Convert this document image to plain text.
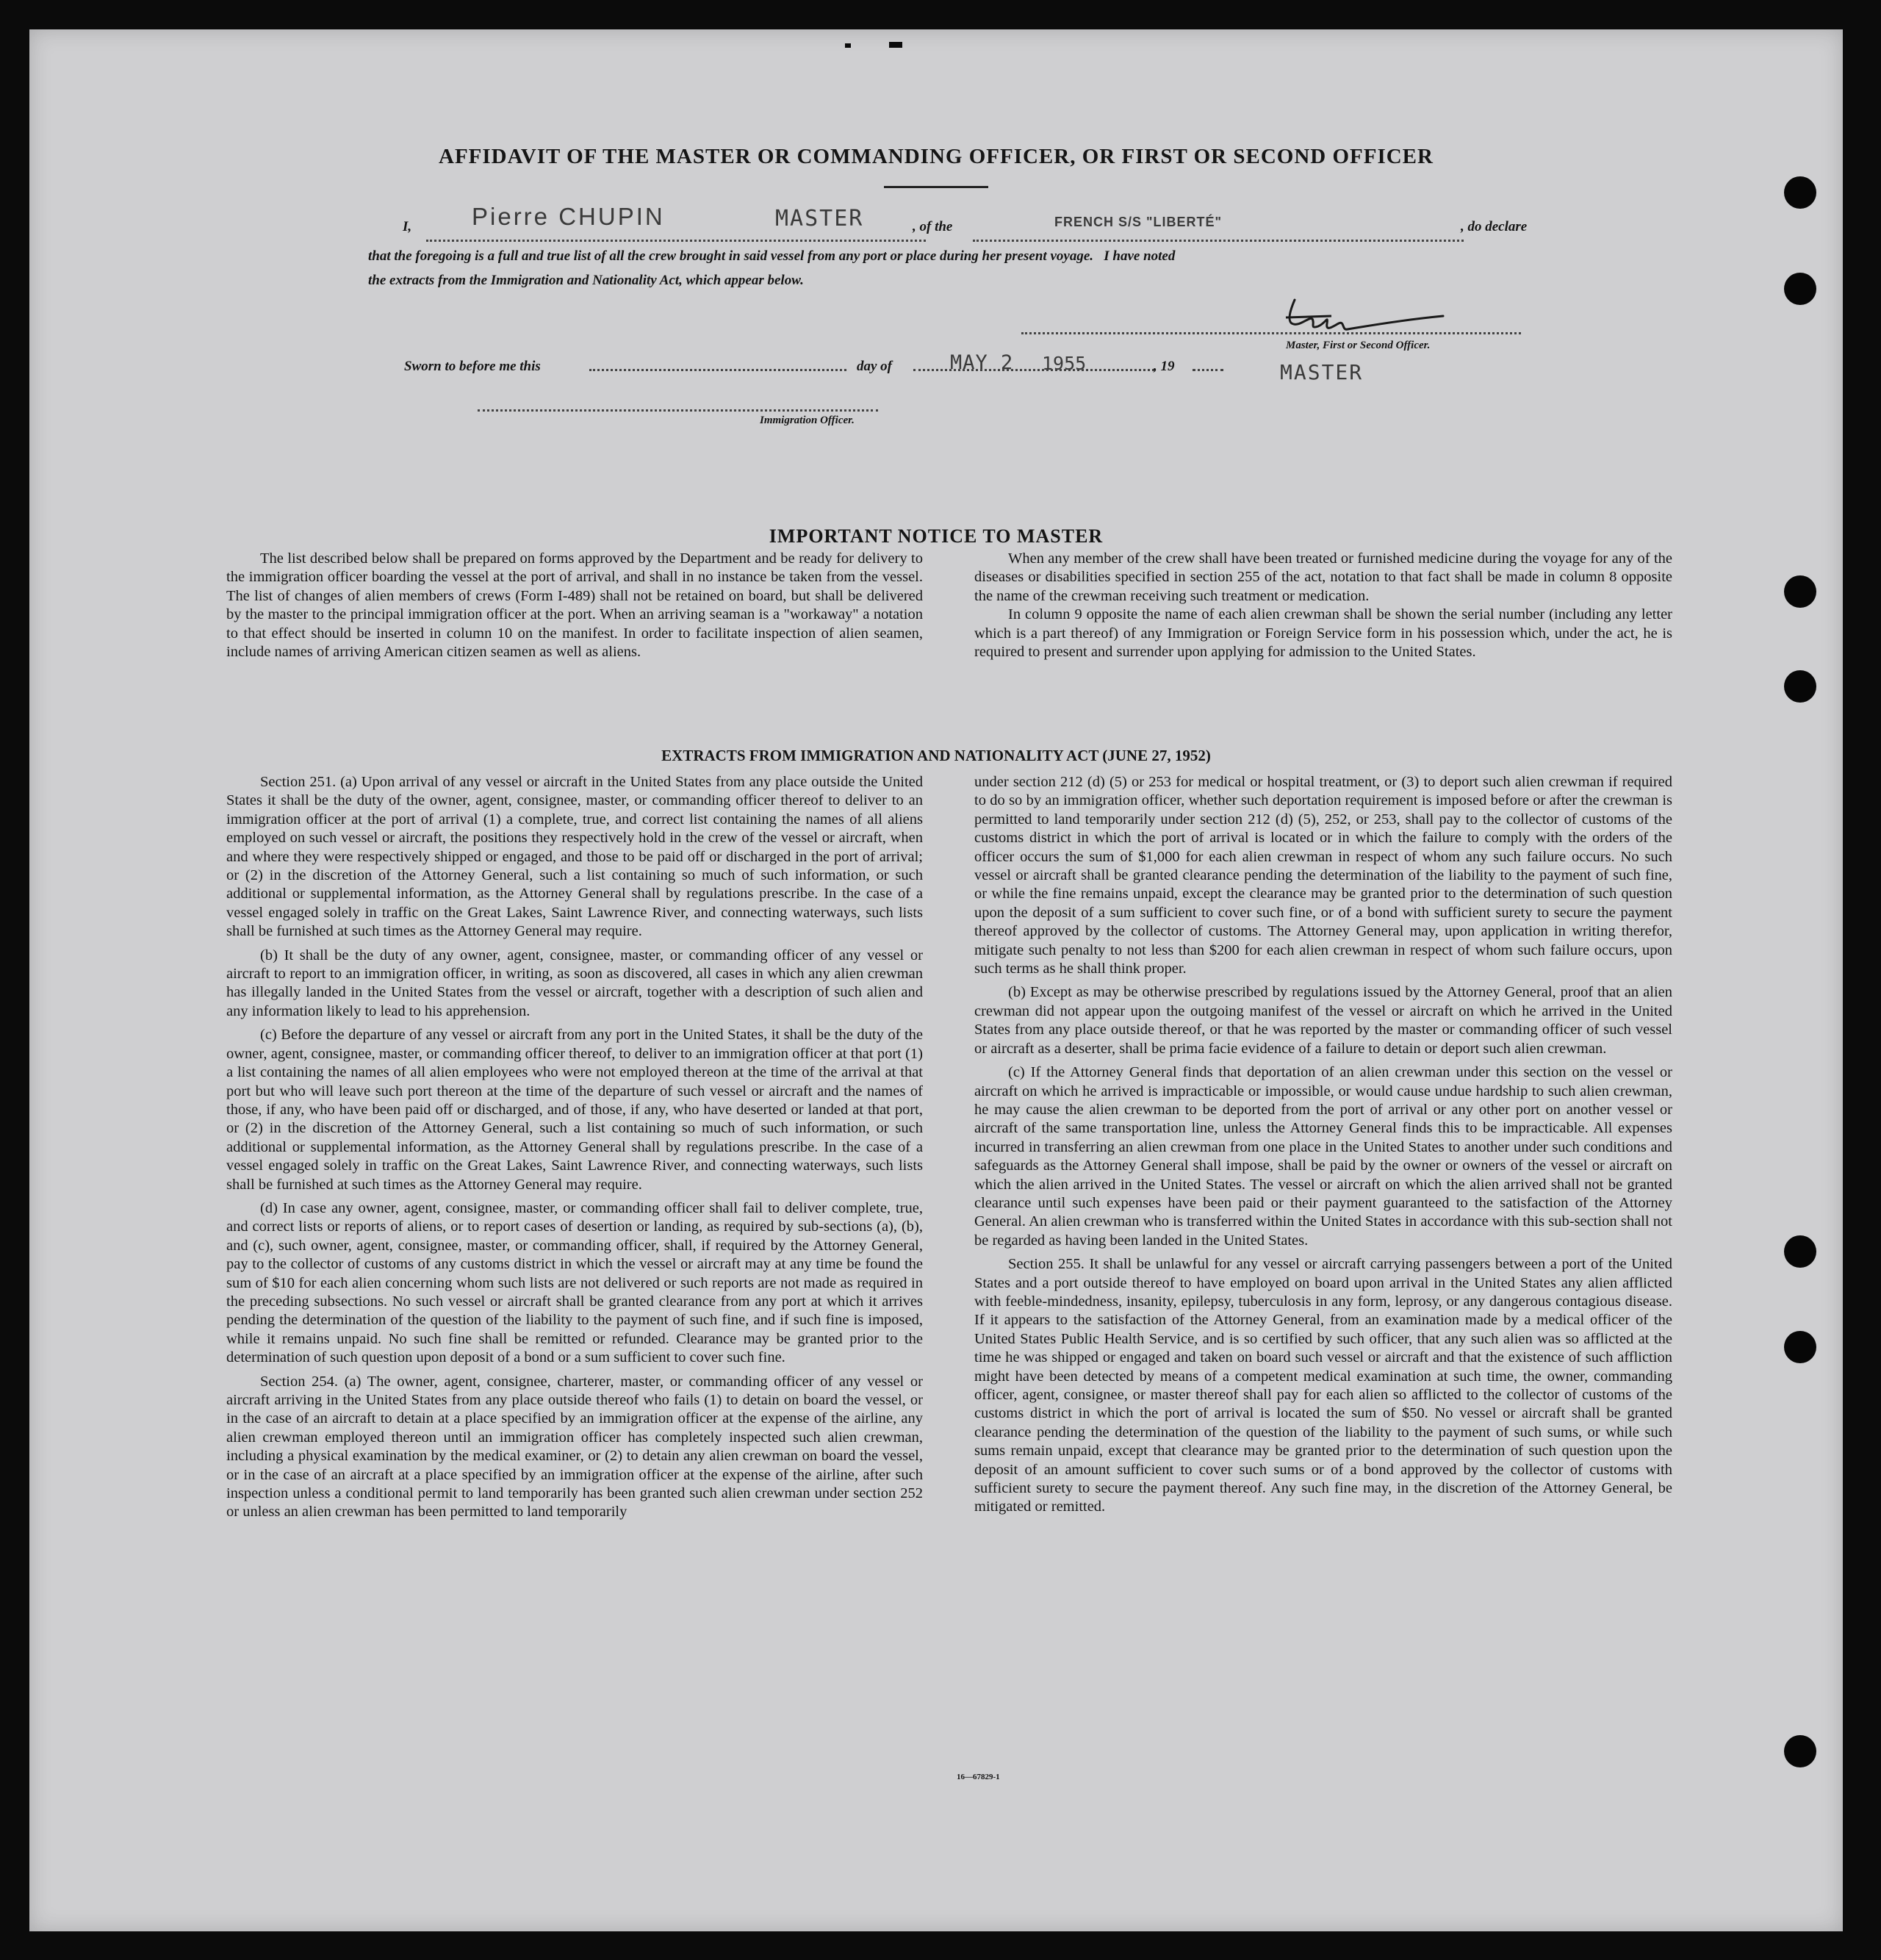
AFFIDAVIT OF THE MASTER OR COMMANDING OFFICER, OR FIRST OR SECOND OFFICER
I, Pierre CHUPIN	MASTER	, of the	FRENCH S/S "LIBERTÉ"	, do declare
that the foregoing is a full and true list of all the crew brought in said vessel from any port or place during her present voyage.   I have noted
the extracts from the Immigration and Nationality Act, which appear below.
Master, First or Second Officer.
MASTER
Sworn to before me this	day of	MAY 2 1955	, 19
Immigration Officer.
IMPORTANT NOTICE TO MASTER

The list described below shall be prepared on forms approved by the Department and be ready for delivery to the immigration officer boarding the vessel at the port of arrival, and shall in no instance be taken from the vessel. The list of changes of alien members of crews (Form I-489) shall not be retained on board, but shall be delivered by the master to the principal immigration officer at the port. When an arriving seaman is a "workaway" a notation to that effect should be inserted in column 10 on the manifest. In order to facilitate inspection of alien seamen, include names of arriving American citizen seamen as well as aliens.

When any member of the crew shall have been treated or furnished medicine during the voyage for any of the diseases or disabilities specified in section 255 of the act, notation to that fact shall be made in column 8 opposite the name of the crewman receiving such treatment or medication.

In column 9 opposite the name of each alien crewman shall be shown the serial number (including any letter which is a part thereof) of any Immigration or Foreign Service form in his possession which, under the act, he is required to present and surrender upon applying for admission to the United States.

EXTRACTS FROM IMMIGRATION AND NATIONALITY ACT (JUNE 27, 1952)

Section 251. (a) Upon arrival of any vessel or aircraft in the United States from any place outside the United States it shall be the duty of the owner, agent, consignee, master, or commanding officer thereof to deliver to an immigration officer at the port of arrival (1) a complete, true, and correct list containing the names of all aliens employed on such vessel or aircraft, the positions they respectively hold in the crew of the vessel or aircraft, when and where they were respectively shipped or engaged, and those to be paid off or discharged in the port of arrival; or (2) in the discretion of the Attorney General, such a list containing so much of such information, or such additional or supplemental information, as the Attorney General shall by regulations prescribe. In the case of a vessel engaged solely in traffic on the Great Lakes, Saint Lawrence River, and connecting waterways, such lists shall be furnished at such times as the Attorney General may require.

(b) It shall be the duty of any owner, agent, consignee, master, or commanding officer of any vessel or aircraft to report to an immigration officer, in writing, as soon as discovered, all cases in which any alien crewman has illegally landed in the United States from the vessel or aircraft, together with a description of such alien and any information likely to lead to his apprehension.

(c) Before the departure of any vessel or aircraft from any port in the United States, it shall be the duty of the owner, agent, consignee, master, or commanding officer thereof, to deliver to an immigration officer at that port (1) a list containing the names of all alien employees who were not employed thereon at the time of the arrival at that port but who will leave such port thereon at the time of the departure of such vessel or aircraft and the names of those, if any, who have been paid off or discharged, and of those, if any, who have deserted or landed at that port, or (2) in the discretion of the Attorney General, such a list containing so much of such information, or such additional or supplemental information, as the Attorney General shall by regulations prescribe. In the case of a vessel engaged solely in traffic on the Great Lakes, Saint Lawrence River, and connecting waterways, such lists shall be furnished at such times as the Attorney General may require.

(d) In case any owner, agent, consignee, master, or commanding officer shall fail to deliver complete, true, and correct lists or reports of aliens, or to report cases of desertion or landing, as required by sub-sections (a), (b), and (c), such owner, agent, consignee, master, or commanding officer, shall, if required by the Attorney General, pay to the collector of customs of any customs district in which the vessel or aircraft may at any time be found the sum of $10 for each alien concerning whom such lists are not delivered or such reports are not made as required in the preceding subsections. No such vessel or aircraft shall be granted clearance from any port at which it arrives pending the determination of the question of the liability to the payment of such fine, and if such fine is imposed, while it remains unpaid. No such fine shall be remitted or refunded. Clearance may be granted prior to the determination of such question upon deposit of a bond or a sum sufficient to cover such fine.

Section 254. (a) The owner, agent, consignee, charterer, master, or commanding officer of any vessel or aircraft arriving in the United States from any place outside thereof who fails (1) to detain on board the vessel, or in the case of an aircraft to detain at a place specified by an immigration officer at the expense of the airline, any alien crewman employed thereon until an immigration officer has completely inspected such alien crewman, including a physical examination by the medical examiner, or (2) to detain any alien crewman on board the vessel, or in the case of an aircraft at a place specified by an immigration officer at the expense of the airline, after such inspection unless a conditional permit to land temporarily has been granted such alien crewman under section 252 or unless an alien crewman has been permitted to land temporarily

under section 212 (d) (5) or 253 for medical or hospital treatment, or (3) to deport such alien crewman if required to do so by an immigration officer, whether such deportation requirement is imposed before or after the crewman is permitted to land temporarily under section 212 (d) (5), 252, or 253, shall pay to the collector of customs of the customs district in which the port of arrival is located or in which the failure to comply with the orders of the officer occurs the sum of $1,000 for each alien crewman in respect of whom any such failure occurs. No such vessel or aircraft shall be granted clearance pending the determination of the liability to the payment of such fine, or while the fine remains unpaid, except the clearance may be granted prior to the determination of such question upon the deposit of a sum sufficient to cover such fine, or of a bond with sufficient surety to secure the payment thereof approved by the collector of customs. The Attorney General may, upon application in writing therefor, mitigate such penalty to not less than $200 for each alien crewman in respect of whom such failure occurs, upon such terms as he shall think proper.

(b) Except as may be otherwise prescribed by regulations issued by the Attorney General, proof that an alien crewman did not appear upon the outgoing manifest of the vessel or aircraft on which he arrived in the United States from any place outside thereof, or that he was reported by the master or commanding officer of such vessel or aircraft as a deserter, shall be prima facie evidence of a failure to detain or deport such alien crewman.

(c) If the Attorney General finds that deportation of an alien crewman under this section on the vessel or aircraft on which he arrived is impracticable or impossible, or would cause undue hardship to such alien crewman, he may cause the alien crewman to be deported from the port of arrival or any other port on another vessel or aircraft of the same transportation line, unless the Attorney General finds this to be impracticable. All expenses incurred in transferring an alien crewman from one place in the United States to another under such conditions and safeguards as the Attorney General shall impose, shall be paid by the owner or owners of the vessel or aircraft on which the alien arrived in the United States. The vessel or aircraft on which the alien arrived shall not be granted clearance until such expenses have been paid or their payment guaranteed to the satisfaction of the Attorney General. An alien crewman who is transferred within the United States in accordance with this sub-section shall not be regarded as having been landed in the United States.

Section 255. It shall be unlawful for any vessel or aircraft carrying passengers between a port of the United States and a port outside thereof to have employed on board upon arrival in the United States any alien afflicted with feeble-mindedness, insanity, epilepsy, tuberculosis in any form, leprosy, or any dangerous contagious disease. If it appears to the satisfaction of the Attorney General, from an examination made by a medical officer of the United States Public Health Service, and is so certified by such officer, that any such alien was so afflicted at the time he was shipped or engaged and taken on board such vessel or aircraft and that the existence of such affliction might have been detected by means of a competent medical examination at such time, the owner, commanding officer, agent, consignee, or master thereof shall pay for each alien so afflicted to the collector of customs of the customs district in which the port of arrival is located the sum of $50. No vessel or aircraft shall be granted clearance pending the determination of the question of the liability to the payment of such sums, or while such sums remain unpaid, except that clearance may be granted prior to the determination of such question upon the deposit of an amount sufficient to cover such sums or of a bond approved by the collector of customs with sufficient surety to secure the payment thereof. Any such fine may, in the discretion of the Attorney General, be mitigated or remitted.

16—67829-1
